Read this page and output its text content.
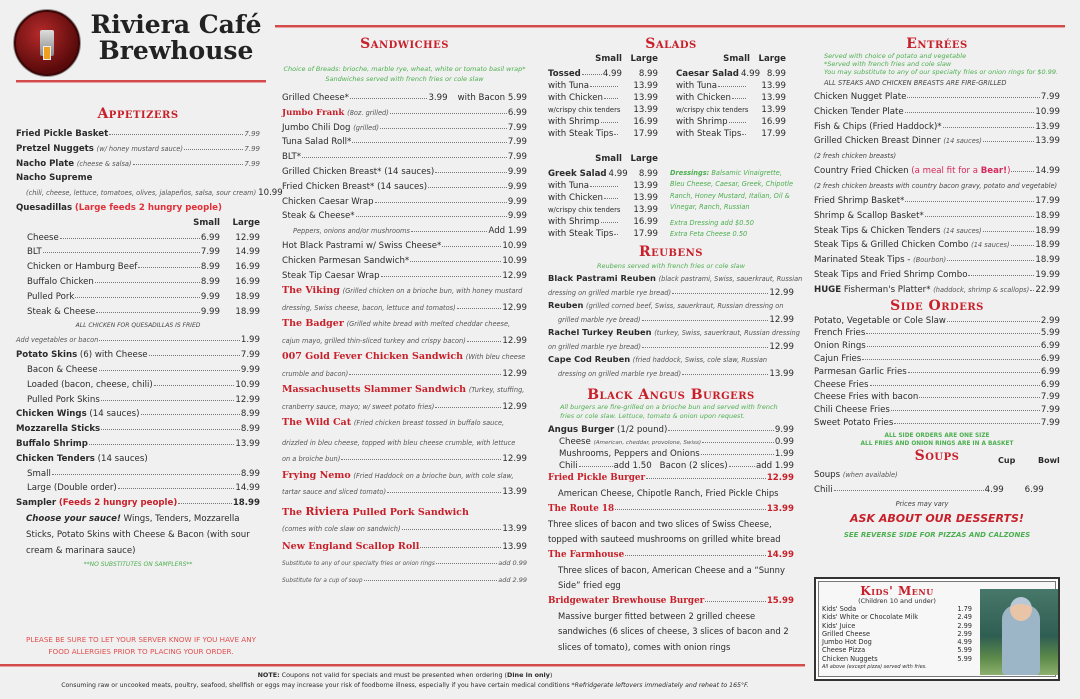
Riviera Café
Brewhouse
Appetizers
Fried Pickle Basket	7.99
Pretzel Nuggets (w/ honey mustard sauce)	7.99
Nacho Plate (cheese & salsa)	7.99
Nacho Supreme
(chili, cheese, lettuce, tomatoes, olives, jalapeños, salsa, sour cream) 10.99
Quesadillas (Large feeds 2 hungry people)
Small	Large
Cheese	6.99	12.99
BLT	7.99	14.99
Chicken or Hamburg Beef	8.99	16.99
Buffalo Chicken	8.99	16.99
Pulled Pork	9.99	18.99
Steak & Cheese	9.99	18.99
ALL CHICKEN FOR QUESADILLAS IS FRIED
Add vegetables or bacon	1.99
Potato Skins (6) with Cheese	7.99
Bacon & Cheese	9.99
Loaded (bacon, cheese, chili)	10.99
Pulled Pork Skins	12.99
Chicken Wings (14 sauces)	8.99
Mozzarella Sticks	8.99
Buffalo Shrimp	13.99
Chicken Tenders (14 sauces)
Small	8.99
Large (Double order)	14.99
Sampler (Feeds 2 hungry people)	18.99
Choose your sauce! Wings, Tenders, Mozzarella Sticks, Potato Skins with Cheese & Bacon (with sour cream & marinara sauce)
**NO SUBSTITUTES ON SAMPLERS**
Sandwiches
Choice of Breads: brioche, marble rye, wheat, white or tomato basil wrap*
Sandwiches served with french fries or cole slaw
Grilled Cheese*	3.99 with Bacon 5.99
Jumbo Frank (8oz. grilled)	6.99
Jumbo Chili Dog (grilled)	7.99
Tuna Salad Roll*	7.99
BLT*	7.99
Grilled Chicken Breast* (14 sauces)	9.99
Fried Chicken Breast* (14 sauces)	9.99
Chicken Caesar Wrap	9.99
Steak & Cheese*	9.99
Peppers, onions and/or mushrooms	Add 1.99
Hot Black Pastrami w/ Swiss Cheese*	10.99
Chicken Parmesan Sandwich*	10.99
Steak Tip Caesar Wrap	12.99
The Viking (Grilled chicken on a brioche bun, with honey mustard
dressing, Swiss cheese, bacon, lettuce and tomatos)	12.99
The Badger (Grilled white bread with melted cheddar cheese,
cajun mayo, grilled thin-sliced turkey and crispy bacon)	12.99
007 Gold Fever Chicken Sandwich (With bleu cheese
crumble and bacon)	12.99
Massachusetts Slammer Sandwich (Turkey, stuffing,
cranberry sauce, mayo; w/ sweet potato fries)	12.99
The Wild Cat (Fried chicken breast tossed in buffalo sauce,
drizzled in bleu cheese, topped with bleu cheese crumble, with lettuce
on a broiche bun)	12.99
Frying Nemo (Fried Haddock on a brioche bun, with cole slaw,
tartar sauce and sliced tomato)	13.99
The Riviera Pulled Pork Sandwich
(comes with cole slaw on sandwich)	13.99
New England Scallop Roll	13.99
Substitute to any of our specialty fries or onion rings	add 0.99
Substitute for a cup of soup	add 2.99
Salads
Small Large
Tossed	4.99	8.99
with Tuna	13.99
with Chicken	13.99
w/crispy chix tenders	13.99
with Shrimp	16.99
with Steak Tips	17.99
Small Large
Caesar Salad 4.99 8.99
with Tuna	13.99
with Chicken	13.99
w/crispy chix tenders	13.99
with Shrimp	16.99
with Steak Tips	17.99
Small Large
Greek Salad 4.99	8.99
with Tuna	13.99
with Chicken	13.99
w/crispy chix tenders	13.99
with Shrimp	16.99
with Steak Tips	17.99
Dressings: Balsamic Vinaigrette, Bleu Cheese, Caesar, Greek, Chipotle Ranch, Honey Mustard, Italian, Oil & Vinegar, Ranch, Russian
Extra Dressing add $0.50
Extra Feta Cheese 0.50
Reubens
Reubens served with french fries or cole slaw
Black Pastrami Reuben (black pastrami, Swiss, sauerkraut, Russian
dressing on grilled marble rye bread)	12.99
Reuben (grilled corned beef, Swiss, sauerkraut, Russian dressing on
grilled marble rye bread)	12.99
Rachel Turkey Reuben (turkey, Swiss, sauerkraut, Russian dressing
on grilled marble rye bread)	12.99
Cape Cod Reuben (fried haddock, Swiss, cole slaw, Russian
dressing on grilled marble rye bread)	13.99
Black Angus Burgers
All burgers are fire-grilled on a brioche bun and served with french fries or cole slaw. Lettuce, tomato & onion upon request.
Angus Burger (1/2 pound)	9.99
Cheese (American, cheddar, provolone, Swiss)	0.99
Mushrooms, Peppers and Onions	1.99
Chili	add 1.50 Bacon (2 slices)	add 1.99
Fried Pickle Burger	12.99
American Cheese, Chipotle Ranch, Fried Pickle Chips
The Route 18	13.99
Three slices of bacon and two slices of Swiss Cheese, topped with sauteed mushrooms on grilled white bread
The Farmhouse	14.99
Three slices of bacon, American Cheese and a “Sunny Side” fried egg
Bridgewater Brewhouse Burger	15.99
Massive burger fitted between 2 grilled cheese sandwiches (6 slices of cheese, 3 slices of bacon and 2 slices of tomato), comes with onion rings
Entrées
Served with choice of potato and vegetable
*Served with french fries and cole slaw
You may substitute to any of our specialty fries or onion rings for $0.99.
ALL STEAKS AND CHICKEN BREASTS ARE FIRE-GRILLED
Chicken Nugget Plate	7.99
Chicken Tender Plate	10.99
Fish & Chips (Fried Haddock)*	13.99
Grilled Chicken Breast Dinner (14 sauces)	13.99
(2 fresh chicken breasts)
Country Fried Chicken (a meal fit for a Bear!)	14.99
(2 fresh chicken breasts with country bacon gravy, potato and vegetable)
Fried Shrimp Basket*	17.99
Shrimp & Scallop Basket*	18.99
Steak Tips & Chicken Tenders (14 sauces)	18.99
Steak Tips & Grilled Chicken Combo (14 sauces)	18.99
Marinated Steak Tips - (Bourbon)	18.99
Steak Tips and Fried Shrimp Combo	19.99
HUGE Fisherman's Platter* (haddock, shrimp & scallops) 22.99
Side Orders
Potato, Vegetable or Cole Slaw	2.99
French Fries	5.99
Onion Rings	6.99
Cajun Fries	6.99
Parmesan Garlic Fries	6.99
Cheese Fries	6.99
Cheese Fries with bacon	7.99
Chili Cheese Fries	7.99
Sweet Potato Fries	7.99
ALL SIDE ORDERS ARE ONE SIZE
ALL FRIES AND ONION RINGS ARE IN A BASKET
Soups	Cup	Bowl
Soups (when available)
Chili	4.99	6.99
Prices may vary
ASK ABOUT OUR DESSERTS!
SEE REVERSE SIDE FOR PIZZAS AND CALZONES
Kids' Menu
(Children 10 and under)
Kids' Soda	1.79
Kids' White or Chocolate Milk	2.49
Kids' Juice	2.99
Grilled Cheese	2.99
Jumbo Hot Dog	4.99
Cheese Pizza	5.99
Chicken Nuggets	5.99
All above (except pizza) served with fries.
PLEASE BE SURE TO LET YOUR SERVER KNOW IF YOU HAVE ANY FOOD ALLERGIES PRIOR TO PLACING YOUR ORDER.
NOTE: Coupons not valid for specials and must be presented when ordering (Dine in only)
Consuming raw or uncooked meats, poultry, seafood, shellfish or eggs may increase your risk of foodborne illness, especially if you have certain medical conditions *Refridgerate leftovers immediately and reheat to 165°F.
